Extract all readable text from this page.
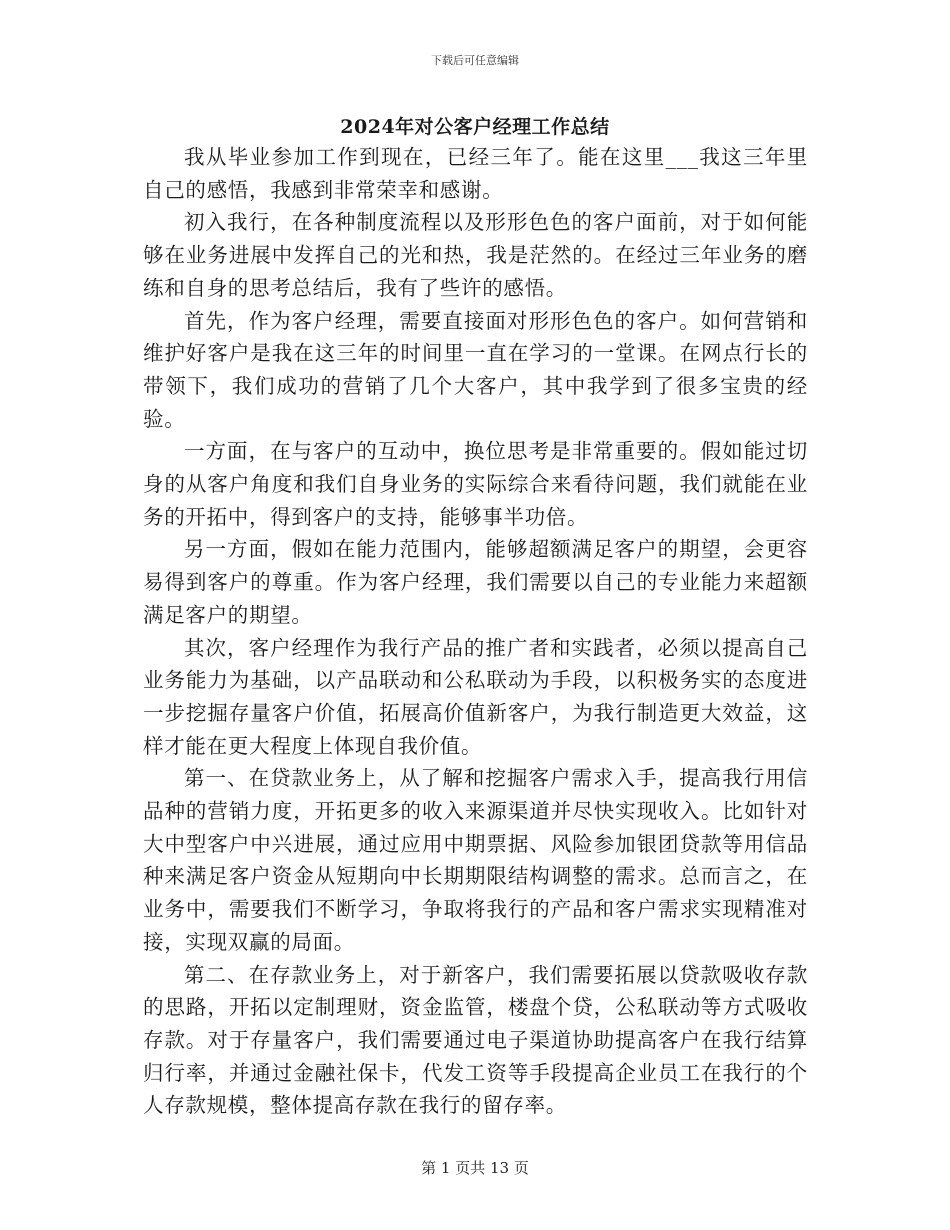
下载后可任意编辑
2024年对公客户经理工作总结

我从毕业参加工作到现在，已经三年了。能在这里___我这三年里自己的感悟，我感到非常荣幸和感谢。

初入我行，在各种制度流程以及形形色色的客户面前，对于如何能够在业务进展中发挥自己的光和热，我是茫然的。在经过三年业务的磨练和自身的思考总结后，我有了些许的感悟。

首先，作为客户经理，需要直接面对形形色色的客户。如何营销和维护好客户是我在这三年的时间里一直在学习的一堂课。在网点行长的带领下，我们成功的营销了几个大客户，其中我学到了很多宝贵的经验。

一方面，在与客户的互动中，换位思考是非常重要的。假如能过切身的从客户角度和我们自身业务的实际综合来看待问题，我们就能在业务的开拓中，得到客户的支持，能够事半功倍。

另一方面，假如在能力范围内，能够超额满足客户的期望，会更容易得到客户的尊重。作为客户经理，我们需要以自己的专业能力来超额满足客户的期望。

其次，客户经理作为我行产品的推广者和实践者，必须以提高自己业务能力为基础，以产品联动和公私联动为手段，以积极务实的态度进一步挖掘存量客户价值，拓展高价值新客户，为我行制造更大效益，这样才能在更大程度上体现自我价值。

第一、在贷款业务上，从了解和挖掘客户需求入手，提高我行用信品种的营销力度，开拓更多的收入来源渠道并尽快实现收入。比如针对大中型客户中兴进展，通过应用中期票据、风险参加银团贷款等用信品种来满足客户资金从短期向中长期期限结构调整的需求。总而言之，在业务中，需要我们不断学习，争取将我行的产品和客户需求实现精准对接，实现双赢的局面。

第二、在存款业务上，对于新客户，我们需要拓展以贷款吸收存款的思路，开拓以定制理财，资金监管，楼盘个贷，公私联动等方式吸收存款。对于存量客户，我们需要通过电子渠道协助提高客户在我行结算归行率，并通过金融社保卡，代发工资等手段提高企业员工在我行的个人存款规模，整体提高存款在我行的留存率。

第 1 页共 13 页
